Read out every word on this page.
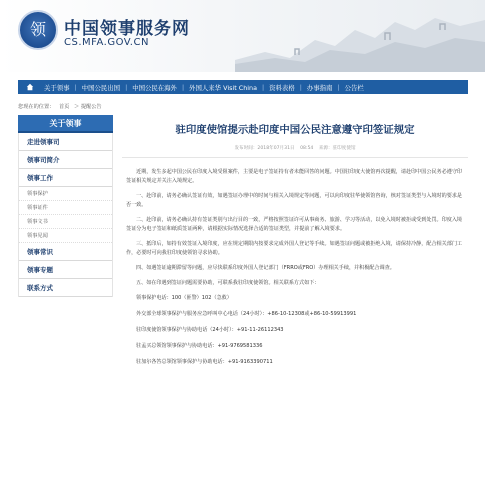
领 中国领事服务网
CS.MFA.GOV.CN
关于领事 | 中国公民出国 | 中国公民在海外 | 外国人来华 Visit China | 资料表格 | 办事指南 | 公告栏
您现在的位置： 首页 ＞ 提醒公告
关于领事
走进领事司
领事司简介
领事工作
领事保护
领事证件
领事文书
领事见闻
领事常识
领事专题
联系方式
驻印度使馆提示赴印度中国公民注意遵守印签证规定
发布时间：2018年07月31日 08:54 来源：驻印度使馆

近期，发生多起中国公民在印度入境受阻案件，主要是电子签证持有者未能回答的问题。中国驻印度大使馆再次提醒，请赴印中国公民务必遵守印签证相关规定并关注入境规定。

一、赴印前，请务必确认签证有效，如遇签证办理中的时间与相关入境规定等问题，可以向印度驻华使领馆咨询，核对签证类型与入境时的要求是否一致。

二、赴印前，请务必确认持有签证类别与出行目的一致，严格按照签证许可从事商务、旅游、学习等活动，以免入境时被拒或受到处罚。印度入境签证分为电子签证和纸质签证两种，请根据实际情况选择合适的签证类型，并提前了解入境要求。

三、抵印后，如持有效签证入境印度，应在规定期限内按要求完成外国人登记等手续。如遇签证问题或被拒绝入境，请保持冷静，配合相关部门工作，必要时可向我驻印度使领馆寻求协助。

四、如遇签证逾期滞留等问题，应尽快联系印度外国人登记部门（FRRO或FRO）办理相关手续，并积极配合调查。

五、如在印遇到签证问题需要协助，可联系我驻印度使领馆。相关联系方式如下：

领事保护电话：100（匪警）102（急救）

外交部全球领事保护与服务应急呼叫中心电话（24小时）：+86-10-12308或+86-10-59913991

驻印度使馆领事保护与协助电话（24小时）：+91-11-26112343

驻孟买总领馆领事保护与协助电话：+91-9769581336

驻加尔各答总领馆领事保护与协助电话：+91-9163390711
